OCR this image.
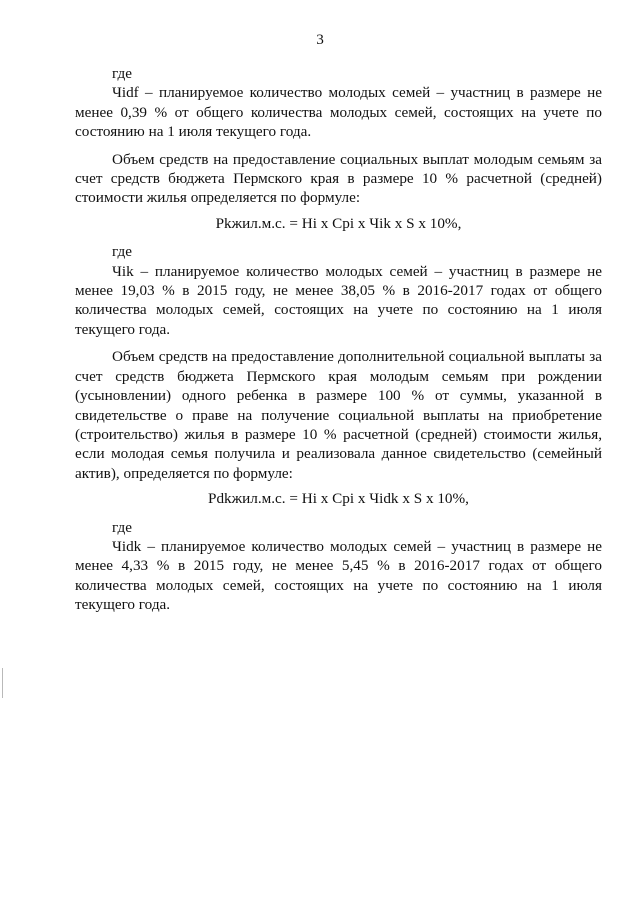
3

где

Чidf – планируемое количество молодых семей – участниц в размере не менее 0,39 % от общего количества молодых семей, состоящих на учете по состоянию на 1 июля текущего года.

Объем средств на предоставление социальных выплат молодым семьям за счет средств бюджета Пермского края в размере 10 % расчетной (средней) стоимости жилья определяется по формуле:

Рkжил.м.с. = Hi x Cpi x Чik x S x 10%,

где

Чik – планируемое количество молодых семей – участниц в размере не менее 19,03 % в 2015 году, не менее 38,05 % в 2016-2017 годах от общего количества молодых семей, состоящих на учете по состоянию на 1 июля текущего года.

Объем средств на предоставление дополнительной социальной выплаты за счет средств бюджета Пермского края молодым семьям при рождении (усыновлении) одного ребенка в размере 100 % от суммы, указанной в свидетельстве о праве на получение социальной выплаты на приобретение (строительство) жилья в размере 10 % расчетной (средней) стоимости жилья, если молодая семья получила и реализовала данное свидетельство (семейный актив), определяется по формуле:

Рdkжил.м.с. = Hi x Cpi x Чidk x S x 10%,

где

Чidk – планируемое количество молодых семей – участниц в размере не менее 4,33 % в 2015 году, не менее 5,45 % в 2016-2017 годах от общего количества молодых семей, состоящих на учете по состоянию на 1 июля текущего года.
